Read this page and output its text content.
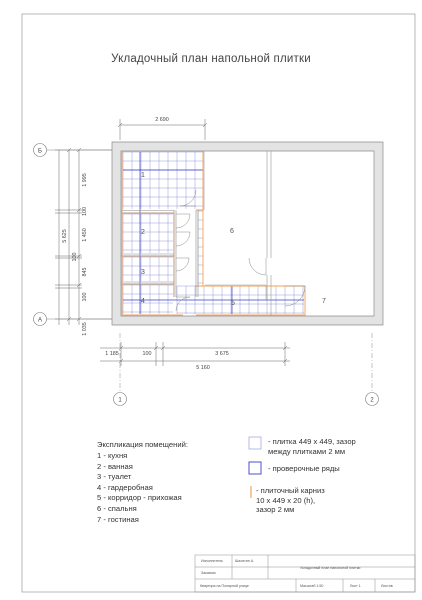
Б
А
1	2
2 690
1 995
100
1 450
100
845
100
5 625
1 035
1 185	100	3 675
5 160
1
2
3
4	5
6
7
Укладочный план напольной плитки
Экспликация помещений:
1 - кухня
2 - ванная
3 - туалет
4 - гардеробная
5 - корридор - прихожая
6 - спальня
7 - гостиная
- плитка 449 х 449, зазор
между плитками 2 мм
- проверочные ряды
- плиточный карниз
10 х 449 х 20 (h),
зазор 2 мм
Исполнитель	Шахитин А.
Заказчик
Укладочный план напольной плитки
Квартира на Полярной улице	Масштаб 1:50	Лист 1	Листов
